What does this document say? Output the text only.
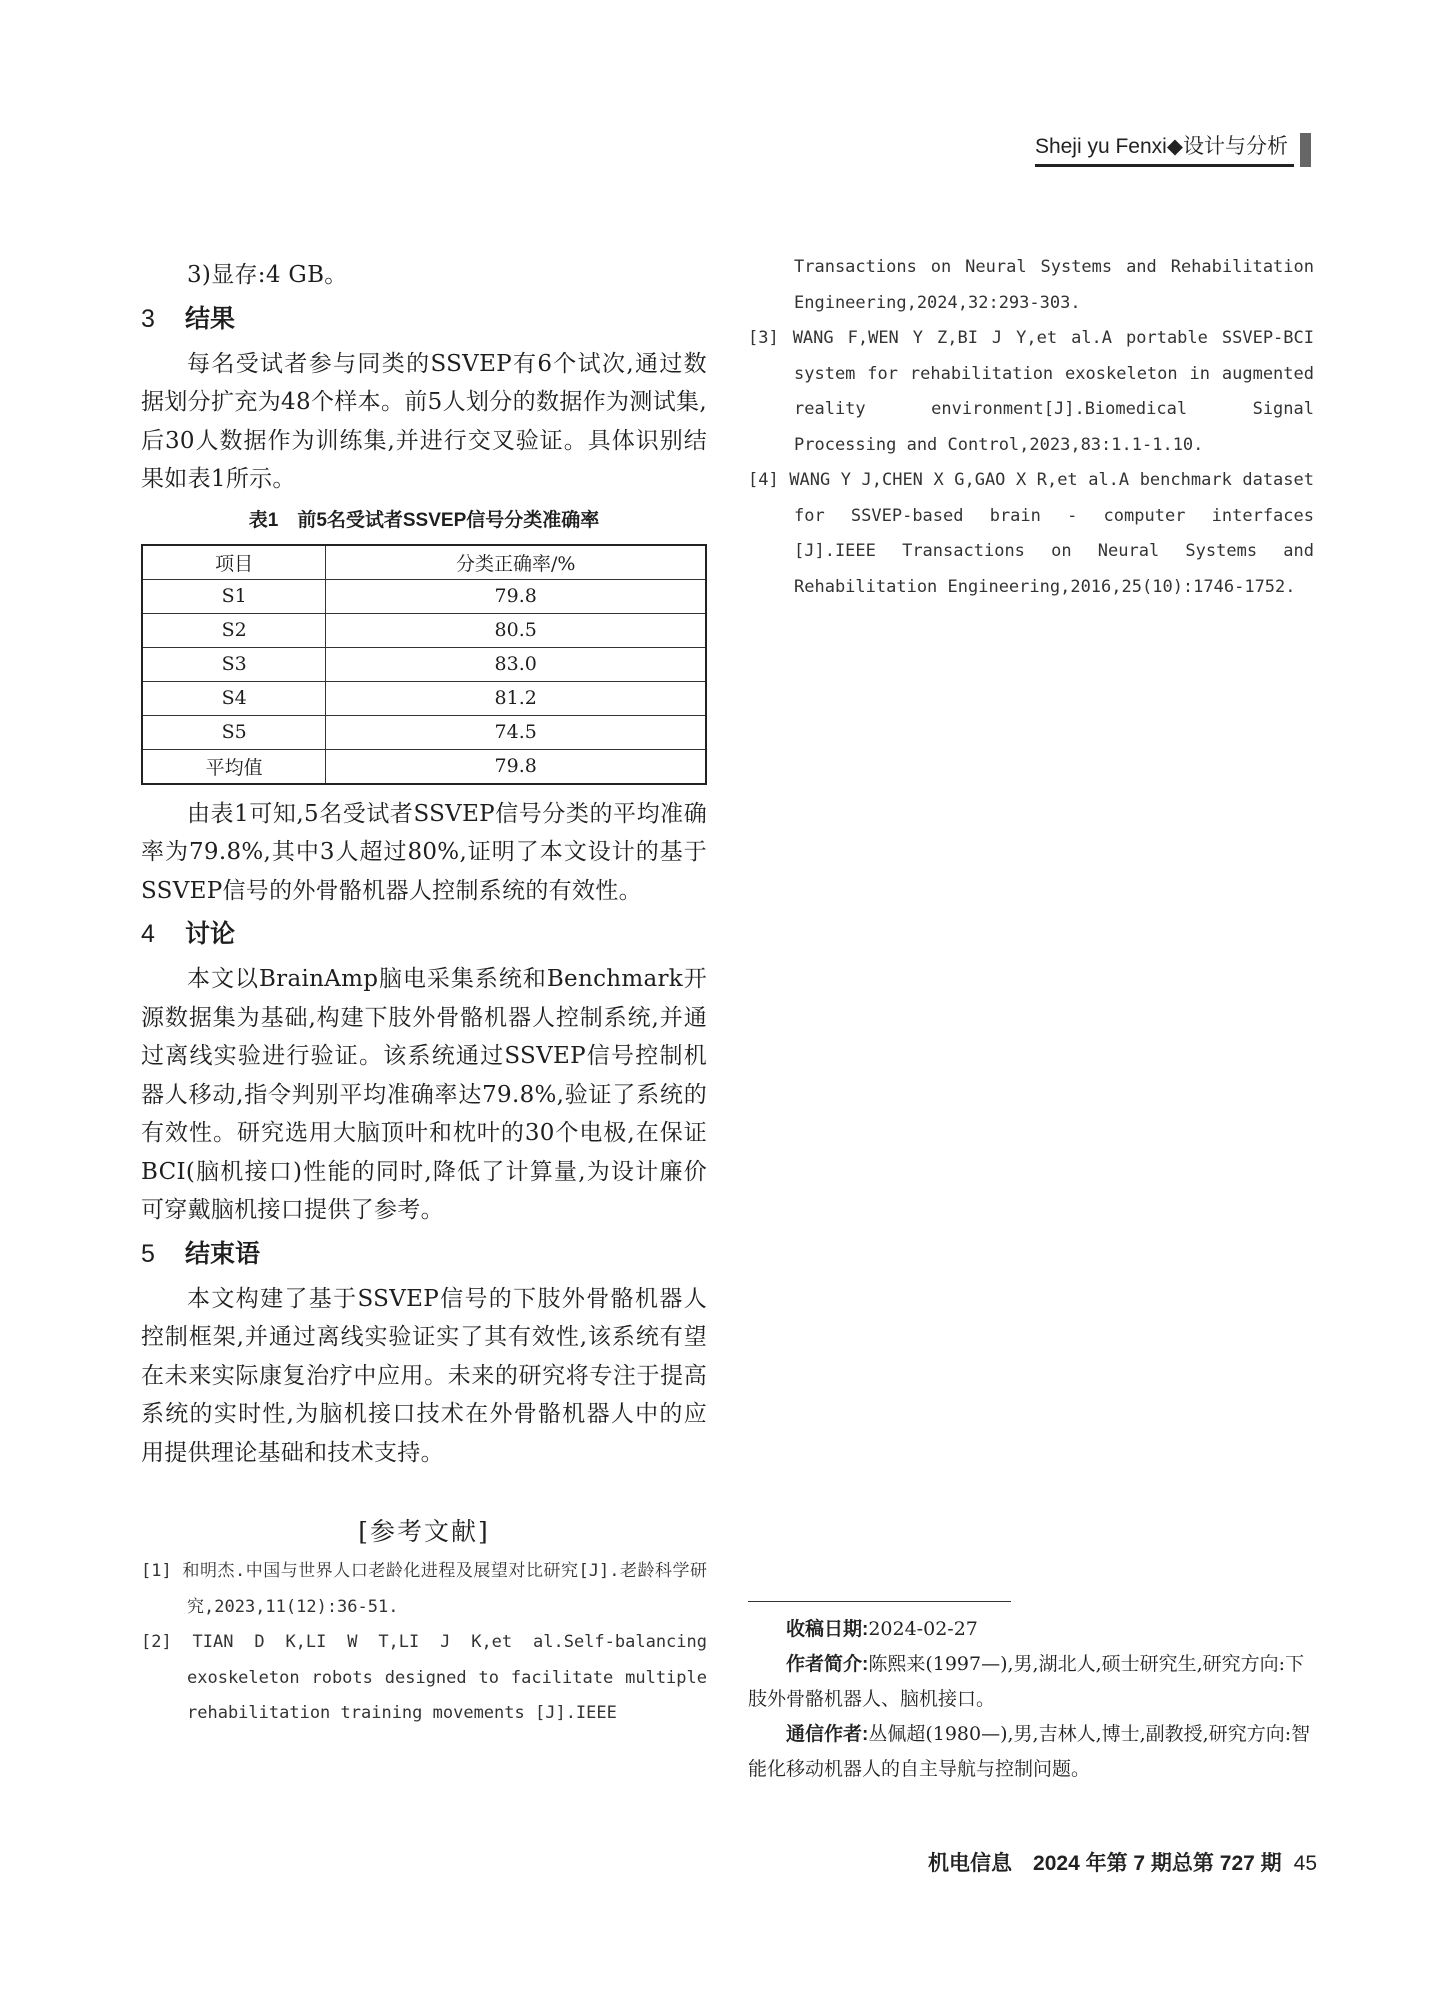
Sheji yu Fenxi◆设计与分析

3)显存:4 GB。

3 结果

每名受试者参与同类的SSVEP有6个试次,通过数据划分扩充为48个样本。前5人划分的数据作为测试集,后30人数据作为训练集,并进行交叉验证。具体识别结果如表1所示。

表1　前5名受试者SSVEP信号分类准确率
项目	分类正确率/%
S1	79.8
S2	80.5
S3	83.0
S4	81.2
S5	74.5
平均值	79.8

由表1可知,5名受试者SSVEP信号分类的平均准确率为79.8%,其中3人超过80%,证明了本文设计的基于SSVEP信号的外骨骼机器人控制系统的有效性。

4 讨论

本文以BrainAmp脑电采集系统和Benchmark开源数据集为基础,构建下肢外骨骼机器人控制系统,并通过离线实验进行验证。该系统通过SSVEP信号控制机器人移动,指令判别平均准确率达79.8%,验证了系统的有效性。研究选用大脑顶叶和枕叶的30个电极,在保证BCI(脑机接口)性能的同时,降低了计算量,为设计廉价可穿戴脑机接口提供了参考。

5 结束语

本文构建了基于SSVEP信号的下肢外骨骼机器人控制框架,并通过离线实验证实了其有效性,该系统有望在未来实际康复治疗中应用。未来的研究将专注于提高系统的实时性,为脑机接口技术在外骨骼机器人中的应用提供理论基础和技术支持。

[参考文献]

[1] 和明杰.中国与世界人口老龄化进程及展望对比研究[J].老龄科学研究,2023,11(12):36-51.

[2] TIAN D K,LI W T,LI J K,et al.Self-balancing exoskeleton robots designed to facilitate multiple rehabilitation training movements [J].IEEE

Transactions on Neural Systems and Rehabilitation Engineering,2024,32:293-303.

[3] WANG F,WEN Y Z,BI J Y,et al.A portable SSVEP-BCI system for rehabilitation exoskeleton in augmented reality environment[J].Biomedical Signal Processing and Control,2023,83:1.1-1.10.

[4] WANG Y J,CHEN X G,GAO X R,et al.A benchmark dataset for SSVEP-based brain - computer interfaces [J].IEEE Transactions on Neural Systems and Rehabilitation Engineering,2016,25(10):1746-1752.

收稿日期:2024-02-27

作者简介:陈熙来(1997—),男,湖北人,硕士研究生,研究方向:下肢外骨骼机器人、脑机接口。

通信作者:丛佩超(1980—),男,吉林人,博士,副教授,研究方向:智能化移动机器人的自主导航与控制问题。

机电信息　2024 年第 7 期总第 727 期 45
